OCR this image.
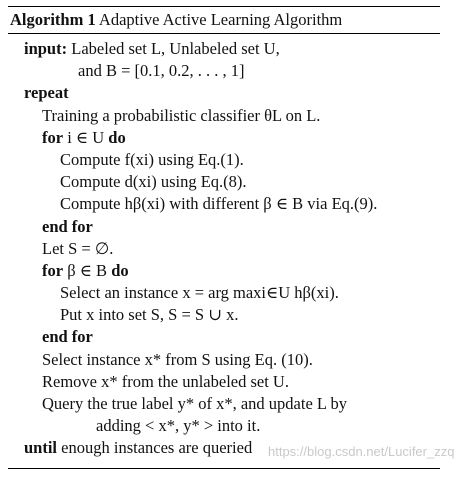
Algorithm 1 Adaptive Active Learning Algorithm
input: Labeled set L, Unlabeled set U,
and B = [0.1, 0.2, . . . , 1]
repeat
Training a probabilistic classifier θL on L.
for i ∈ U do
Compute f(xi) using Eq.(1).
Compute d(xi) using Eq.(8).
Compute hβ(xi) with different β ∈ B via Eq.(9).
end for
Let S = ∅.
for β ∈ B do
Select an instance x = arg maxi∈U hβ(xi).
Put x into set S, S = S ∪ x.
end for
Select instance x* from S using Eq. (10).
Remove x* from the unlabeled set U.
Query the true label y* of x*, and update L by
adding < x*, y* > into it.
until enough instances are queried	https://blog.csdn.net/Lucifer_zzq
